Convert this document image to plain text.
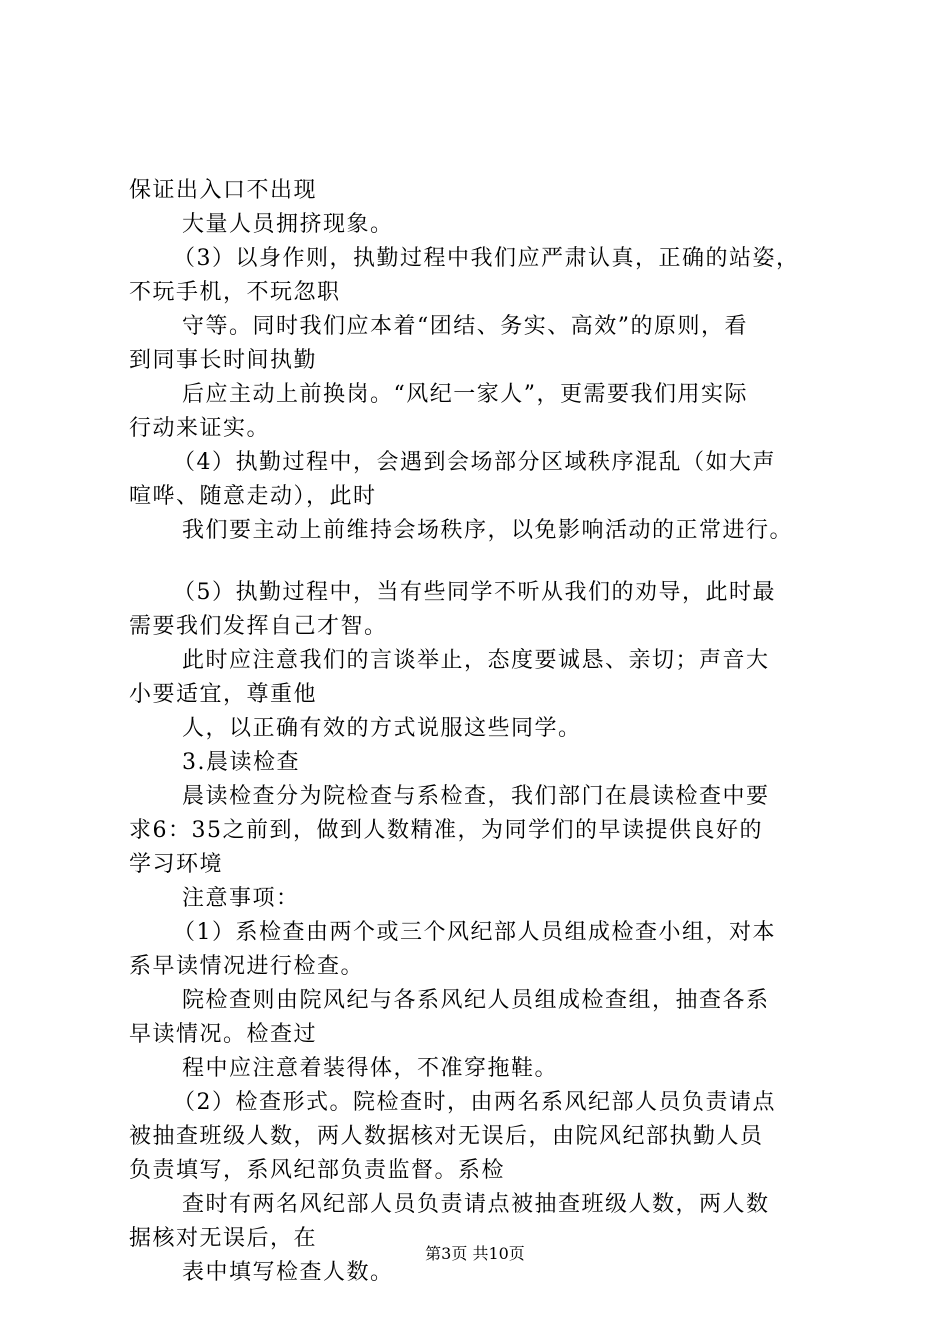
保证出入口不出现
大量人员拥挤现象。
（3）以身作则，执勤过程中我们应严肃认真，正确的站姿，
不玩手机，不玩忽职
守等。同时我们应本着“团结、务实、高效”的原则，看
到同事长时间执勤
后应主动上前换岗。“风纪一家人”，更需要我们用实际
行动来证实。
（4）执勤过程中，会遇到会场部分区域秩序混乱（如大声
喧哗、随意走动），此时
我们要主动上前维持会场秩序，以免影响活动的正常进行。
（5）执勤过程中，当有些同学不听从我们的劝导，此时最
需要我们发挥自己才智。
此时应注意我们的言谈举止，态度要诚恳、亲切；声音大
小要适宜，尊重他
人，以正确有效的方式说服这些同学。
3.晨读检查
晨读检查分为院检查与系检查，我们部门在晨读检查中要
求6：35之前到，做到人数精准，为同学们的早读提供良好的
学习环境
注意事项：
（1）系检查由两个或三个风纪部人员组成检查小组，对本
系早读情况进行检查。
院检查则由院风纪与各系风纪人员组成检查组，抽查各系
早读情况。检查过
程中应注意着装得体，不准穿拖鞋。
（2）检查形式。院检查时，由两名系风纪部人员负责请点
被抽查班级人数，两人数据核对无误后，由院风纪部执勤人员
负责填写，系风纪部负责监督。系检
查时有两名风纪部人员负责请点被抽查班级人数，两人数
据核对无误后，在
表中填写检查人数。
第3页 共10页
